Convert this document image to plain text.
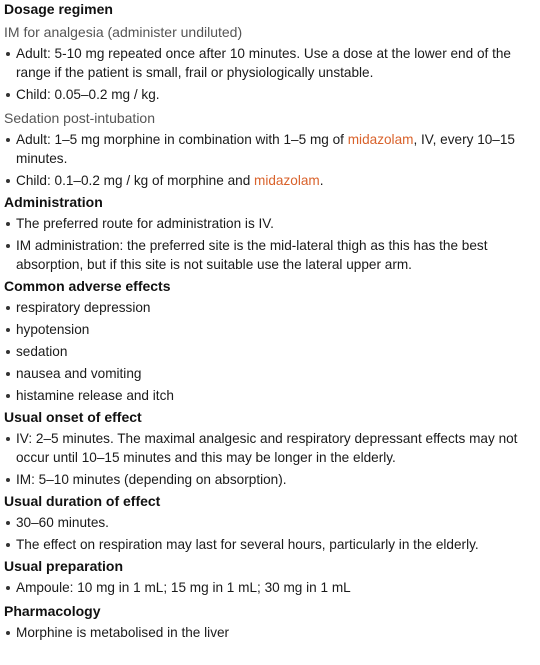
Dosage regimen
IM for analgesia (administer undiluted)
Adult: 5-10 mg repeated once after 10 minutes. Use a dose at the lower end of the range if the patient is small, frail or physiologically unstable.
Child: 0.05–0.2 mg / kg.
Sedation post-intubation
Adult: 1–5 mg morphine in combination with 1–5 mg of midazolam, IV, every 10–15 minutes.
Child: 0.1–0.2 mg / kg of morphine and midazolam.
Administration
The preferred route for administration is IV.
IM administration: the preferred site is the mid-lateral thigh as this has the best absorption, but if this site is not suitable use the lateral upper arm.
Common adverse effects
respiratory depression
hypotension
sedation
nausea and vomiting
histamine release and itch
Usual onset of effect
IV: 2–5 minutes. The maximal analgesic and respiratory depressant effects may not occur until 10–15 minutes and this may be longer in the elderly.
IM: 5–10 minutes (depending on absorption).
Usual duration of effect
30–60 minutes.
The effect on respiration may last for several hours, particularly in the elderly.
Usual preparation
Ampoule: 10 mg in 1 mL; 15 mg in 1 mL; 30 mg in 1 mL
Pharmacology
Morphine is metabolised in the liver
